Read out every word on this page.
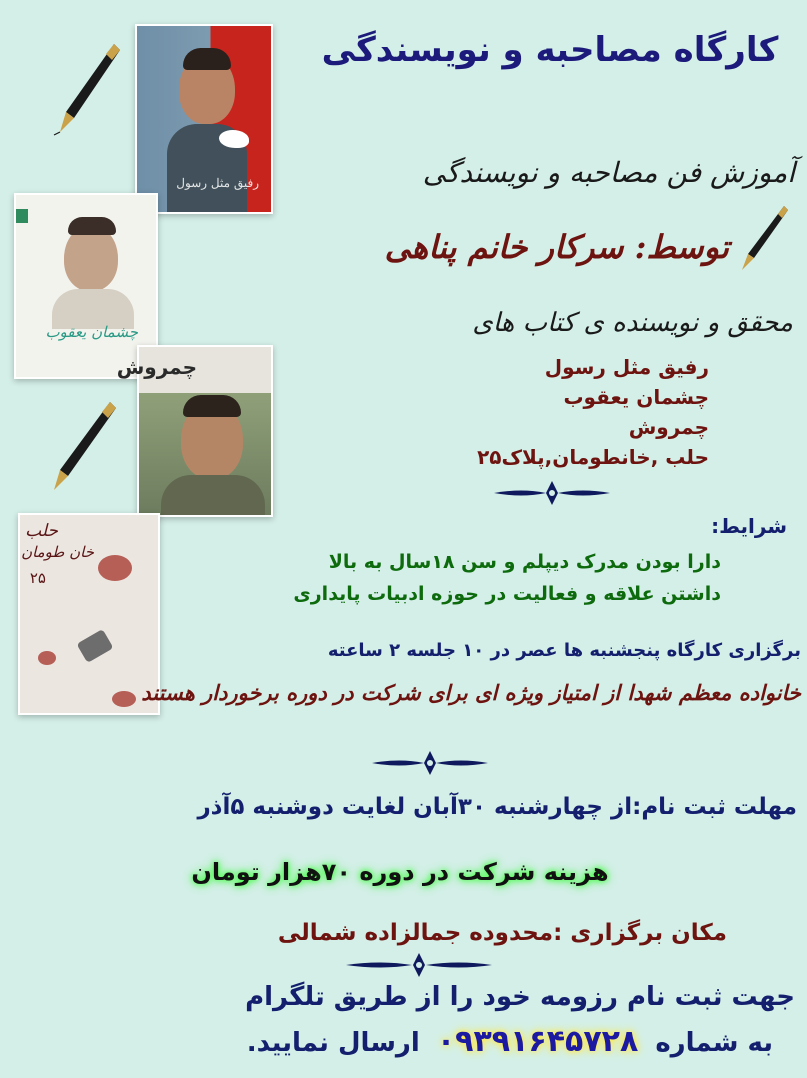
رفیق مثل رسول
چشمان یعقوب
چمروش
حلب
خان طومان
۲۵
کارگاه مصاحبه و نویسندگی
آموزش فن مصاحبه و نویسندگی
توسط: سرکار خانم پناهی
محقق و نویسنده ی کتاب های
رفیق مثل رسول
چشمان یعقوب
چمروش
حلب ,خانطومان,پلاک۲۵
شرایط:
دارا بودن مدرک دیپلم و سن ۱۸سال به بالا
داشتن علاقه و فعالیت در حوزه ادبیات پایداری
برگزاری کارگاه پنجشنبه ها عصر در ۱۰ جلسه ۲ ساعته
خانواده معظم شهدا از امتیاز ویژه ای برای شرکت در دوره برخوردار هستند
مهلت ثبت نام:از چهارشنبه ۳۰آبان لغایت دوشنبه ۵آذر
هزینه شرکت در دوره ۷۰هزار تومان
مکان برگزاری :محدوده جمالزاده شمالی
جهت ثبت نام رزومه خود را از طریق تلگرام
به شماره ۰۹۳۹۱۶۴۵۷۲۸ ارسال نمایید.
